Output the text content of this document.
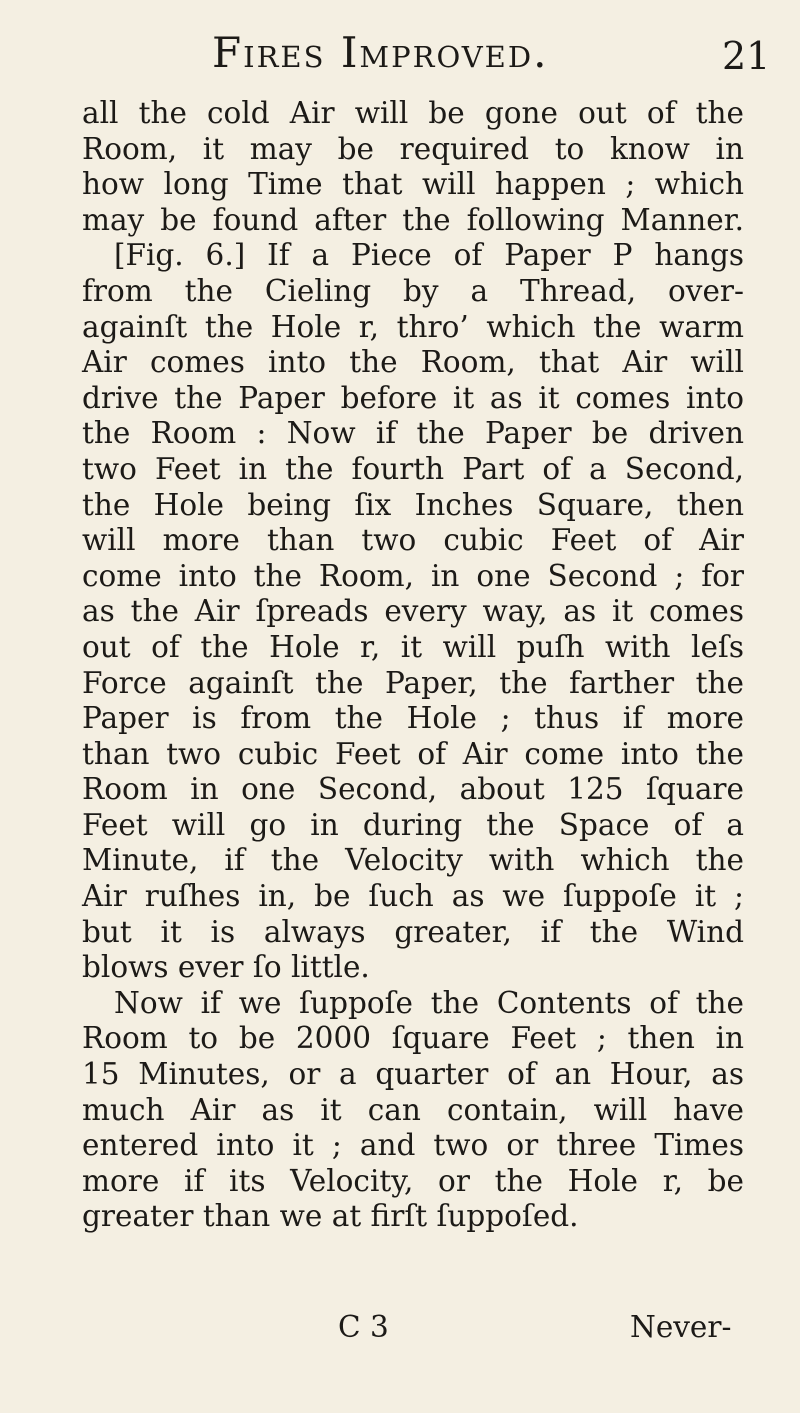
Fires Improved.	21
all the cold Air will be gone out of the
Room, it may be required to know in
how long Time that will happen ; which
may be found after the following Manner.
[Fig. 6.] If a Piece of Paper P hangs
from the Cieling by a Thread, over-
againſt the Hole r, thro’ which the warm
Air comes into the Room, that Air will
drive the Paper before it as it comes into
the Room : Now if the Paper be driven
two Feet in the fourth Part of a Second,
the Hole being ſix Inches Square, then
will more than two cubic Feet of Air
come into the Room, in one Second ; for
as the Air ſpreads every way, as it comes
out of the Hole r, it will puſh with leſs
Force againſt the Paper, the farther the
Paper is from the Hole ; thus if more
than two cubic Feet of Air come into the
Room in one Second, about 125 ſquare
Feet will go in during the Space of a
Minute, if the Velocity with which the
Air ruſhes in, be ſuch as we ſuppoſe it ;
but it is always greater, if the Wind
blows ever ſo little.
Now if we ſuppoſe the Contents of the
Room to be 2000 ſquare Feet ; then in
15 Minutes, or a quarter of an Hour, as
much Air as it can contain, will have
entered into it ; and two or three Times
more if its Velocity, or the Hole r, be
greater than we at firſt ſuppoſed.
C 3	Never-
